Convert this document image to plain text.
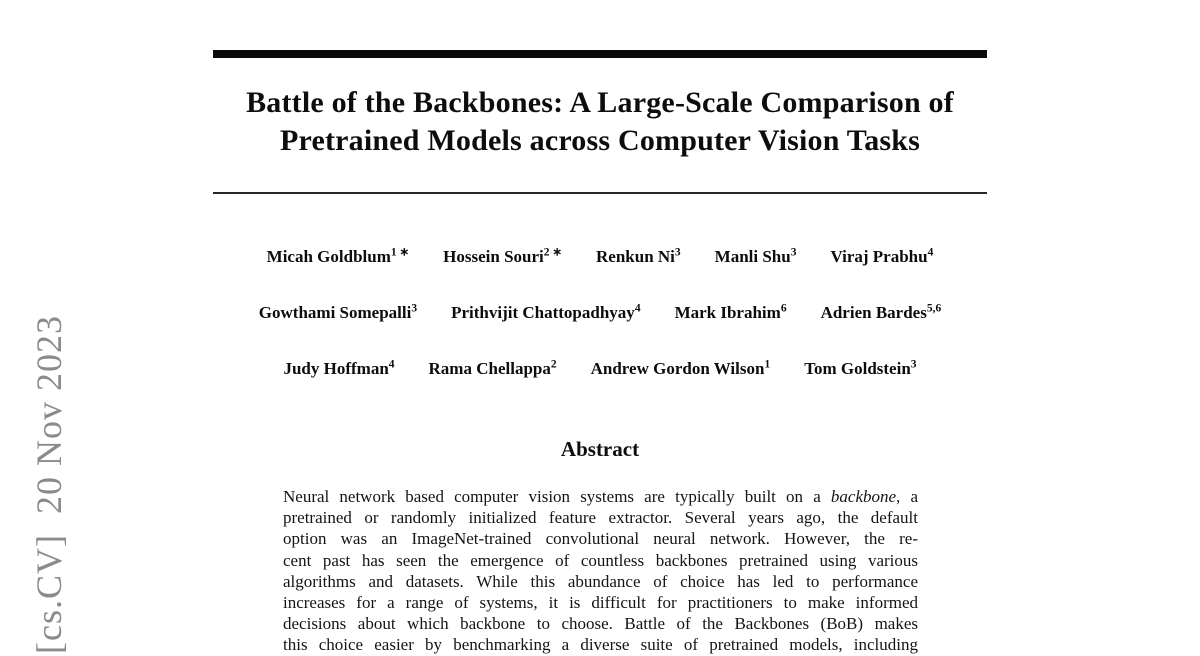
[cs.CV]  20 Nov 2023
Battle of the Backbones: A Large-Scale Comparison of
Pretrained Models across Computer Vision Tasks
Micah Goldblum$^{1 ∗}$ Hossein Souri$^{2 ∗}$ Renkun Ni$^3$ Manli Shu$^3$ Viraj Prabhu$^4$
Gowthami Somepalli$^3$ Prithvijit Chattopadhyay$^4$ Mark Ibrahim$^6$ Adrien Bardes$^{5,6}$
Judy Hoffman$^4$ Rama Chellappa$^2$ Andrew Gordon Wilson$^1$ Tom Goldstein$^3$
Abstract
Neural network based computer vision systems are typically built on a backbone, a
pretrained or randomly initialized feature extractor. Several years ago, the default
option was an ImageNet-trained convolutional neural network. However, the re-
cent past has seen the emergence of countless backbones pretrained using various
algorithms and datasets. While this abundance of choice has led to performance
increases for a range of systems, it is difficult for practitioners to make informed
decisions about which backbone to choose. Battle of the Backbones (BoB) makes
this choice easier by benchmarking a diverse suite of pretrained models, including
